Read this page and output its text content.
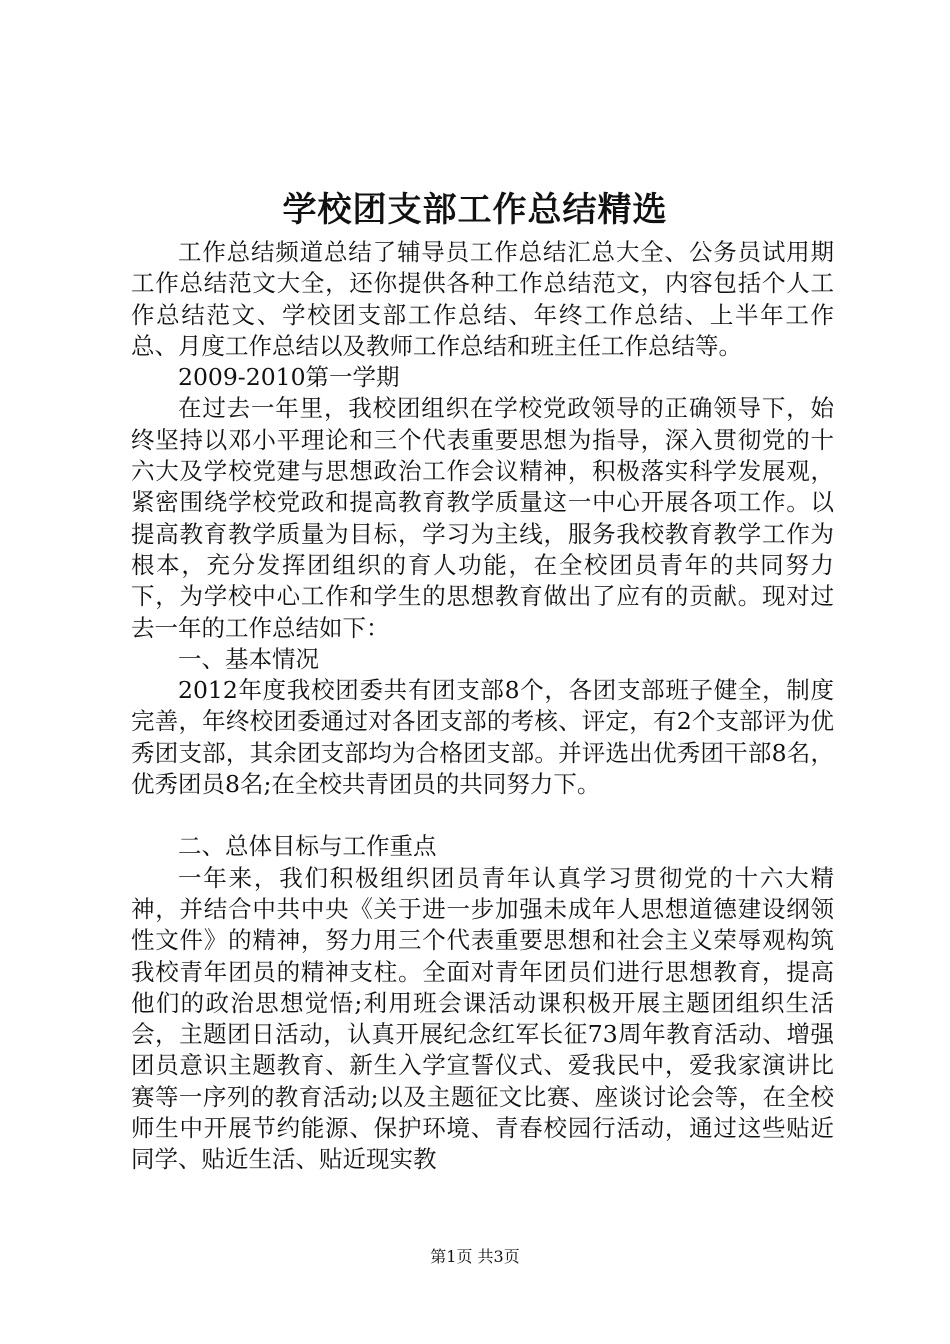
学校团支部工作总结精选

工作总结频道总结了辅导员工作总结汇总大全、公务员试用期工作总结范文大全，还你提供各种工作总结范文，内容包括个人工作总结范文、学校团支部工作总结、年终工作总结、上半年工作总、月度工作总结以及教师工作总结和班主任工作总结等。

2009-2010第一学期

在过去一年里，我校团组织在学校党政领导的正确领导下，始终坚持以邓小平理论和三个代表重要思想为指导，深入贯彻党的十六大及学校党建与思想政治工作会议精神，积极落实科学发展观，紧密围绕学校党政和提高教育教学质量这一中心开展各项工作。以提高教育教学质量为目标，学习为主线，服务我校教育教学工作为根本，充分发挥团组织的育人功能，在全校团员青年的共同努力下，为学校中心工作和学生的思想教育做出了应有的贡献。现对过去一年的工作总结如下：

一、基本情况

2012年度我校团委共有团支部8个，各团支部班子健全，制度完善，年终校团委通过对各团支部的考核、评定，有2个支部评为优秀团支部，其余团支部均为合格团支部。并评选出优秀团干部8名，优秀团员8名;在全校共青团员的共同努力下。

二、总体目标与工作重点

一年来，我们积极组织团员青年认真学习贯彻党的十六大精神，并结合中共中央《关于进一步加强未成年人思想道德建设纲领性文件》的精神，努力用三个代表重要思想和社会主义荣辱观构筑我校青年团员的精神支柱。全面对青年团员们进行思想教育，提高他们的政治思想觉悟;利用班会课活动课积极开展主题团组织生活会，主题团日活动，认真开展纪念红军长征73周年教育活动、增强团员意识主题教育、新生入学宣誓仪式、爱我民中，爱我家演讲比赛等一序列的教育活动;以及主题征文比赛、座谈讨论会等，在全校师生中开展节约能源、保护环境、青春校园行活动，通过这些贴近同学、贴近生活、贴近现实教

第1页 共3页
